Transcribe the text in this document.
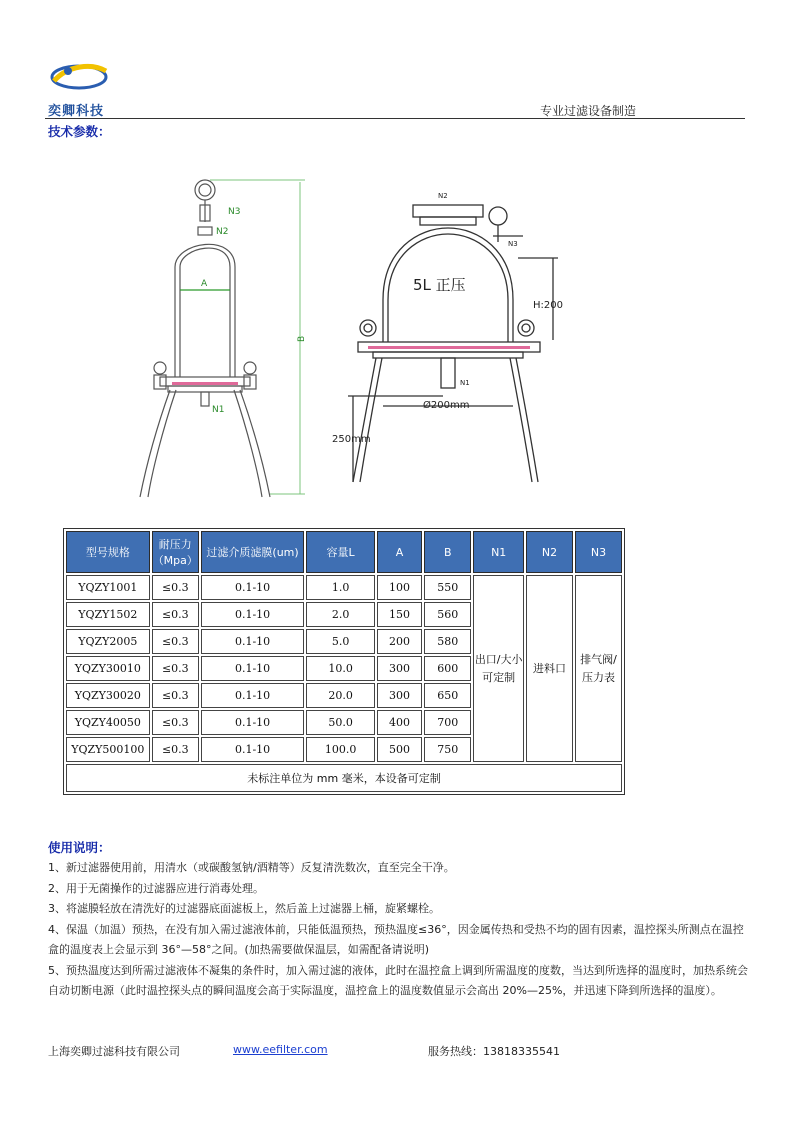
奕卿科技	专业过滤设备制造
技术参数：
N3
N2
N1
A
B
N2
N3
N1
5L 正压
H:200
Ø200mm
250mm
型号规格	耐压力（Mpa）	过滤介质滤膜(um)	容量L	A	B	N1	N2	N3
YQZY1001	≤0.3	0.1-10	1.0	100	550	出口/大小可定制	进料口	排气阀/压力表
YQZY1502	≤0.3	0.1-10	2.0	150	560			
YQZY2005	≤0.3	0.1-10	5.0	200	580			
YQZY30010	≤0.3	0.1-10	10.0	300	600			
YQZY30020	≤0.3	0.1-10	20.0	300	650			
YQZY40050	≤0.3	0.1-10	50.0	400	700			
YQZY500100	≤0.3	0.1-10	100.0	500	750			
未标注单位为 mm 毫米，本设备可定制								
使用说明：

1、新过滤器使用前，用清水（或碳酸氢钠/酒精等）反复清洗数次，直至完全干净。

2、用于无菌操作的过滤器应进行消毒处理。

3、将滤膜轻放在清洗好的过滤器底面滤板上，然后盖上过滤器上桶，旋紧螺栓。

4、保温（加温）预热，在没有加入需过滤液体前，只能低温预热，预热温度≤36°，因金属传热和受热不均的固有因素，温控探头所测点在温控盒的温度表上会显示到 36°—58°之间。(加热需要做保温层，如需配备请说明)

5、预热温度达到所需过滤液体不凝集的条件时，加入需过滤的液体，此时在温控盒上调到所需温度的度数，当达到所选择的温度时，加热系统会自动切断电源（此时温控探头点的瞬间温度会高于实际温度，温控盒上的温度数值显示会高出 20%—25%，并迅速下降到所选择的温度）。

上海奕卿过滤科技有限公司	www.eefilter.com	服务热线：13818335541
